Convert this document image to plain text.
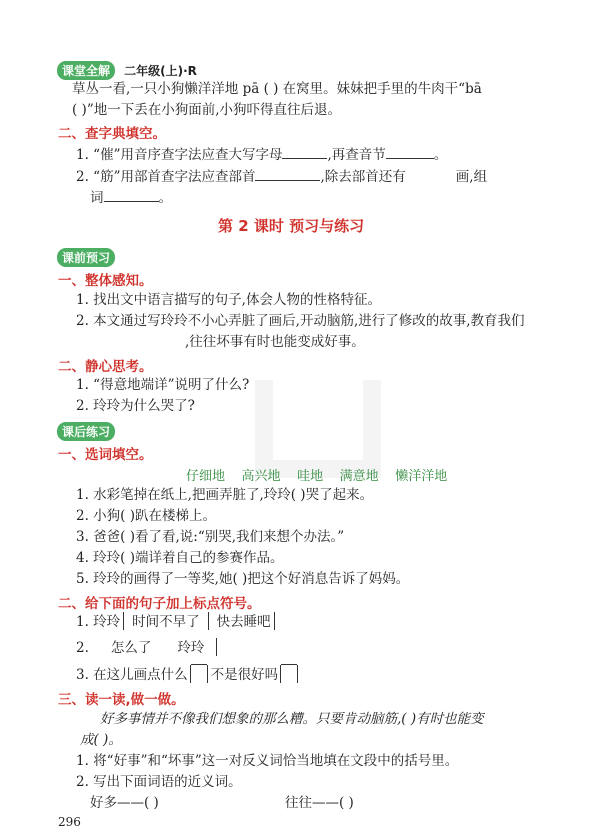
课堂全解 二年级(上)·R
草丛一看,一只小狗懒洋洋地 pā ( ) 在窝里。妹妹把手里的牛肉干“bā
( )”地一下丢在小狗面前,小狗吓得直往后退。
二、查字典填空。
1. “催”用音序查字法应查大写字母	,再查音节	。
2. “筋”用部首查字法应查部首	,除去部首还有	画,组
词	。
第 2 课时 预习与练习
课前预习
一、整体感知。
1. 找出文中语言描写的句子,体会人物的性格特征。
2. 本文通过写玲玲不小心弄脏了画后,开动脑筋,进行了修改的故事,教育我们
,往往坏事有时也能变成好事。
二、静心思考。
1. “得意地端详”说明了什么?
2. 玲玲为什么哭了?
课后练习
一、选词填空。
仔细地 高兴地 哇地 满意地 懒洋洋地
1. 水彩笔掉在纸上,把画弄脏了,玲玲( )哭了起来。
2. 小狗( )趴在楼梯上。
3. 爸爸( )看了看,说:“别哭,我们来想个办法。”
4. 玲玲( )端详着自己的参赛作品。
5. 玲玲的画得了一等奖,她( )把这个好消息告诉了妈妈。
二、给下面的句子加上标点符号。
1. 玲玲 时间不早了 快去睡吧
2. 怎么了 玲玲
3. 在这儿画点什么 不是很好吗
三、读一读,做一做。
好多事情并不像我们想象的那么糟。只要肯动脑筋,( )有时也能变
成( )。
1. 将“好事”和“坏事”这一对反义词恰当地填在文段中的括号里。
2. 写出下面词语的近义词。
好多——( )	往往——( )
296
